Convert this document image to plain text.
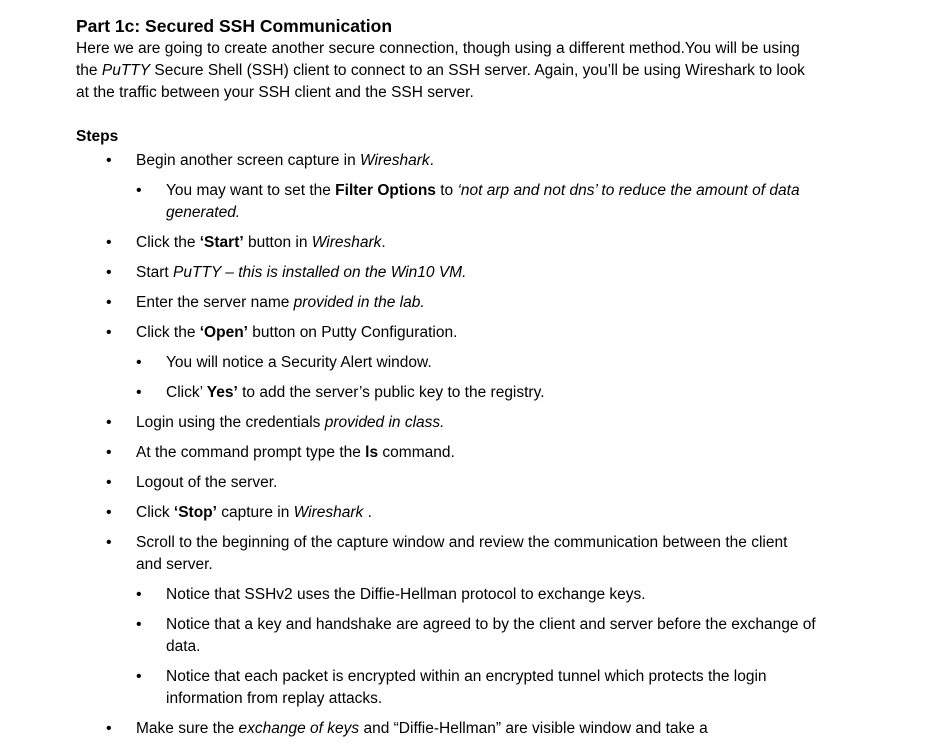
Part 1c: Secured SSH Communication

Here we are going to create another secure connection, though using a different method.You will be using the PuTTY Secure Shell (SSH) client to connect to an SSH server. Again, you’ll be using Wireshark to look at the traffic between your SSH client and the SSH server.

Steps

• Begin another screen capture in Wireshark.
• You may want to set the Filter Options to ‘not arp and not dns’ to reduce the amount of data generated.
• Click the ‘Start’ button in Wireshark.
• Start PuTTY – this is installed on the Win10 VM.
• Enter the server name provided in the lab.
• Click the ‘Open’ button on Putty Configuration.
• You will notice a Security Alert window.
• Click’ Yes’ to add the server’s public key to the registry.
• Login using the credentials provided in class.
• At the command prompt type the ls command.
• Logout of the server.
• Click ‘Stop’ capture in Wireshark .
• Scroll to the beginning of the capture window and review the communication between the client and server.
• Notice that SSHv2 uses the Diffie-Hellman protocol to exchange keys.
• Notice that a key and handshake are agreed to by the client and server before the exchange of data.
• Notice that each packet is encrypted within an encrypted tunnel which protects the login information from replay attacks.
• Make sure the exchange of keys and “Diffie-Hellman” are visible window and take a
